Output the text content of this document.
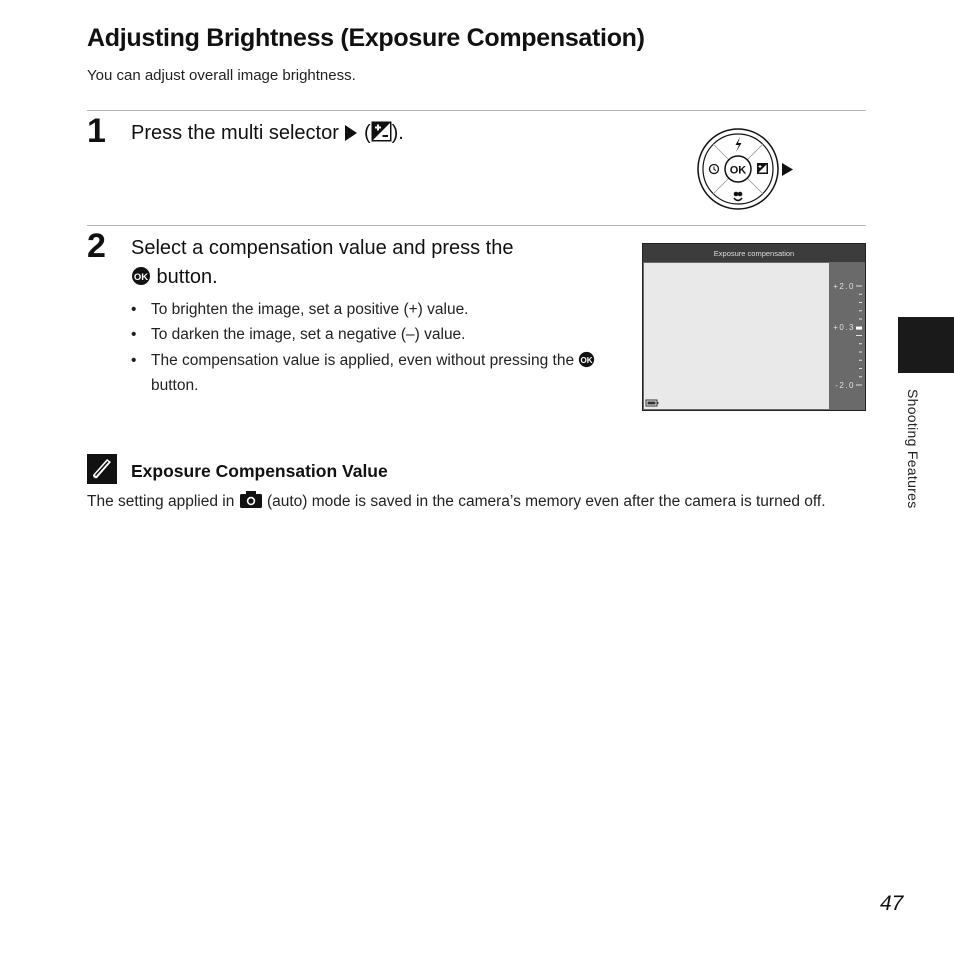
Adjusting Brightness (Exposure Compensation)
You can adjust overall image brightness.
1 Press the multi selector  ( ).
OK
2 Select a compensation value and press the
OK button.
• To brighten the image, set a positive (+) value.
• To darken the image, set a negative (–) value.
• The compensation value is applied, even without pressing the OK
button.
Exposure compensation
+2.0
+0.3
-2.0
Exposure Compensation Value
The setting applied in  (auto) mode is saved in the camera’s memory even after the camera is turned off.	Shooting Features
47
